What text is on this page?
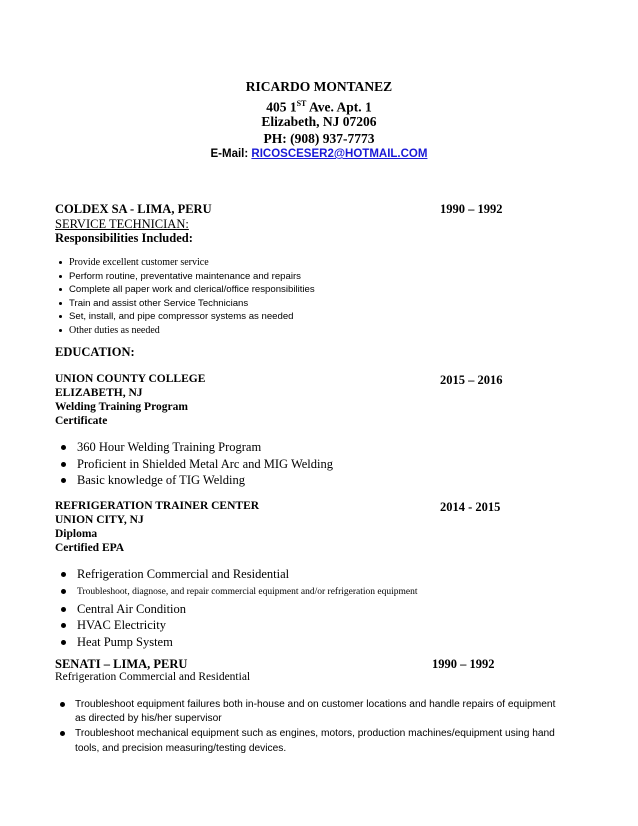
RICARDO MONTANEZ
405 1ST Ave. Apt. 1
Elizabeth, NJ 07206
PH: (908) 937-7773
E-Mail: RICOSCESER2@HOTMAIL.COM
COLDEX SA - LIMA, PERU	1990 – 1992
SERVICE TECHNICIAN:
Responsibilities Included:
Provide excellent customer service
Perform routine, preventative maintenance and repairs
Complete all paper work and clerical/office responsibilities
Train and assist other Service Technicians
Set, install, and pipe compressor systems as needed
Other duties as needed
EDUCATION:
UNION COUNTY COLLEGE	2015 – 2016
ELIZABETH, NJ
Welding Training Program
Certificate
360 Hour Welding Training Program
Proficient in Shielded Metal Arc and MIG Welding
Basic knowledge of TIG Welding
REFRIGERATION TRAINER CENTER	2014 - 2015
UNION CITY, NJ
Diploma
Certified EPA
Refrigeration Commercial and Residential
Troubleshoot, diagnose, and repair commercial equipment and/or refrigeration equipment
Central Air Condition
HVAC Electricity
Heat Pump System
SENATI – LIMA, PERU	1990 – 1992
Refrigeration Commercial and Residential
Troubleshoot equipment failures both in-house and on customer locations and handle repairs of equipment as directed by his/her supervisor
Troubleshoot mechanical equipment such as engines, motors, production machines/equipment using hand tools, and precision measuring/testing devices.
